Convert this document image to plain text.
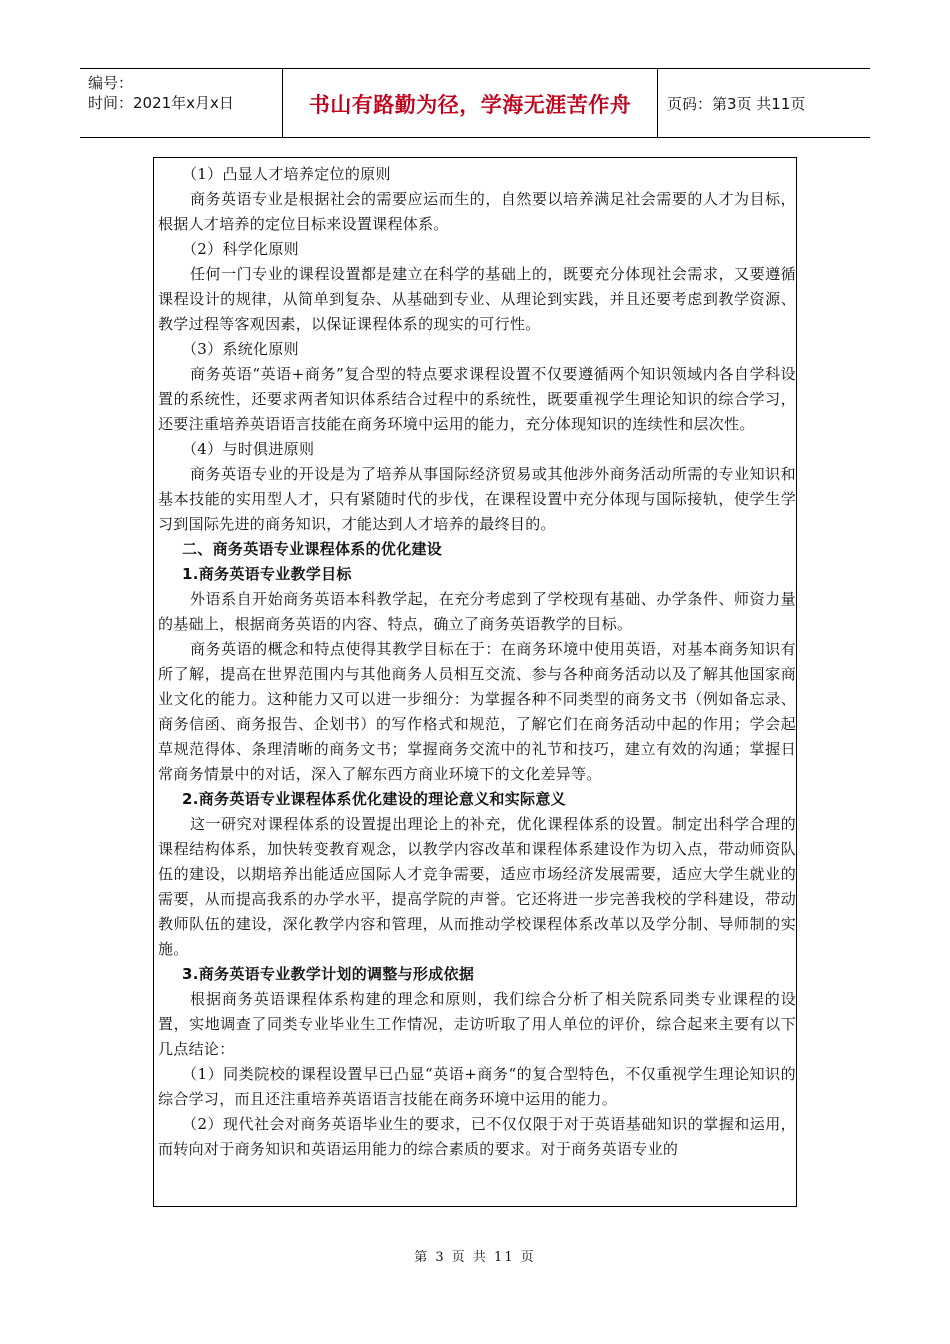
编号：
时间：2021年x月x日	书山有路勤为径，学海无涯苦作舟	页码：第3页 共11页

（1）凸显人才培养定位的原则

商务英语专业是根据社会的需要应运而生的，自然要以培养满足社会需要的人才为目标，根据人才培养的定位目标来设置课程体系。

（2）科学化原则

任何一门专业的课程设置都是建立在科学的基础上的，既要充分体现社会需求，又要遵循课程设计的规律，从简单到复杂、从基础到专业、从理论到实践，并且还要考虑到教学资源、教学过程等客观因素，以保证课程体系的现实的可行性。

（3）系统化原则

商务英语“英语+商务”复合型的特点要求课程设置不仅要遵循两个知识领域内各自学科设置的系统性，还要求两者知识体系结合过程中的系统性，既要重视学生理论知识的综合学习，还要注重培养英语语言技能在商务环境中运用的能力，充分体现知识的连续性和层次性。

（4）与时俱进原则

商务英语专业的开设是为了培养从事国际经济贸易或其他涉外商务活动所需的专业知识和基本技能的实用型人才，只有紧随时代的步伐，在课程设置中充分体现与国际接轨，使学生学习到国际先进的商务知识，才能达到人才培养的最终目的。

二、商务英语专业课程体系的优化建设

1.商务英语专业教学目标

外语系自开始商务英语本科教学起，在充分考虑到了学校现有基础、办学条件、师资力量的基础上，根据商务英语的内容、特点，确立了商务英语教学的目标。

商务英语的概念和特点使得其教学目标在于：在商务环境中使用英语，对基本商务知识有所了解，提高在世界范围内与其他商务人员相互交流、参与各种商务活动以及了解其他国家商业文化的能力。这种能力又可以进一步细分：为掌握各种不同类型的商务文书（例如备忘录、商务信函、商务报告、企划书）的写作格式和规范，了解它们在商务活动中起的作用；学会起草规范得体、条理清晰的商务文书；掌握商务交流中的礼节和技巧，建立有效的沟通；掌握日常商务情景中的对话，深入了解东西方商业环境下的文化差异等。

2.商务英语专业课程体系优化建设的理论意义和实际意义

这一研究对课程体系的设置提出理论上的补充，优化课程体系的设置。制定出科学合理的课程结构体系，加快转变教育观念，以教学内容改革和课程体系建设作为切入点，带动师资队伍的建设，以期培养出能适应国际人才竞争需要，适应市场经济发展需要，适应大学生就业的需要，从而提高我系的办学水平，提高学院的声誉。它还将进一步完善我校的学科建设，带动教师队伍的建设，深化教学内容和管理，从而推动学校课程体系改革以及学分制、导师制的实施。

3.商务英语专业教学计划的调整与形成依据

根据商务英语课程体系构建的理念和原则，我们综合分析了相关院系同类专业课程的设置，实地调查了同类专业毕业生工作情况，走访听取了用人单位的评价，综合起来主要有以下几点结论：

（1）同类院校的课程设置早已凸显“英语+商务“的复合型特色，不仅重视学生理论知识的综合学习，而且还注重培养英语语言技能在商务环境中运用的能力。

（2）现代社会对商务英语毕业生的要求，已不仅仅限于对于英语基础知识的掌握和运用，而转向对于商务知识和英语运用能力的综合素质的要求。对于商务英语专业的

第 3 页 共 11 页
